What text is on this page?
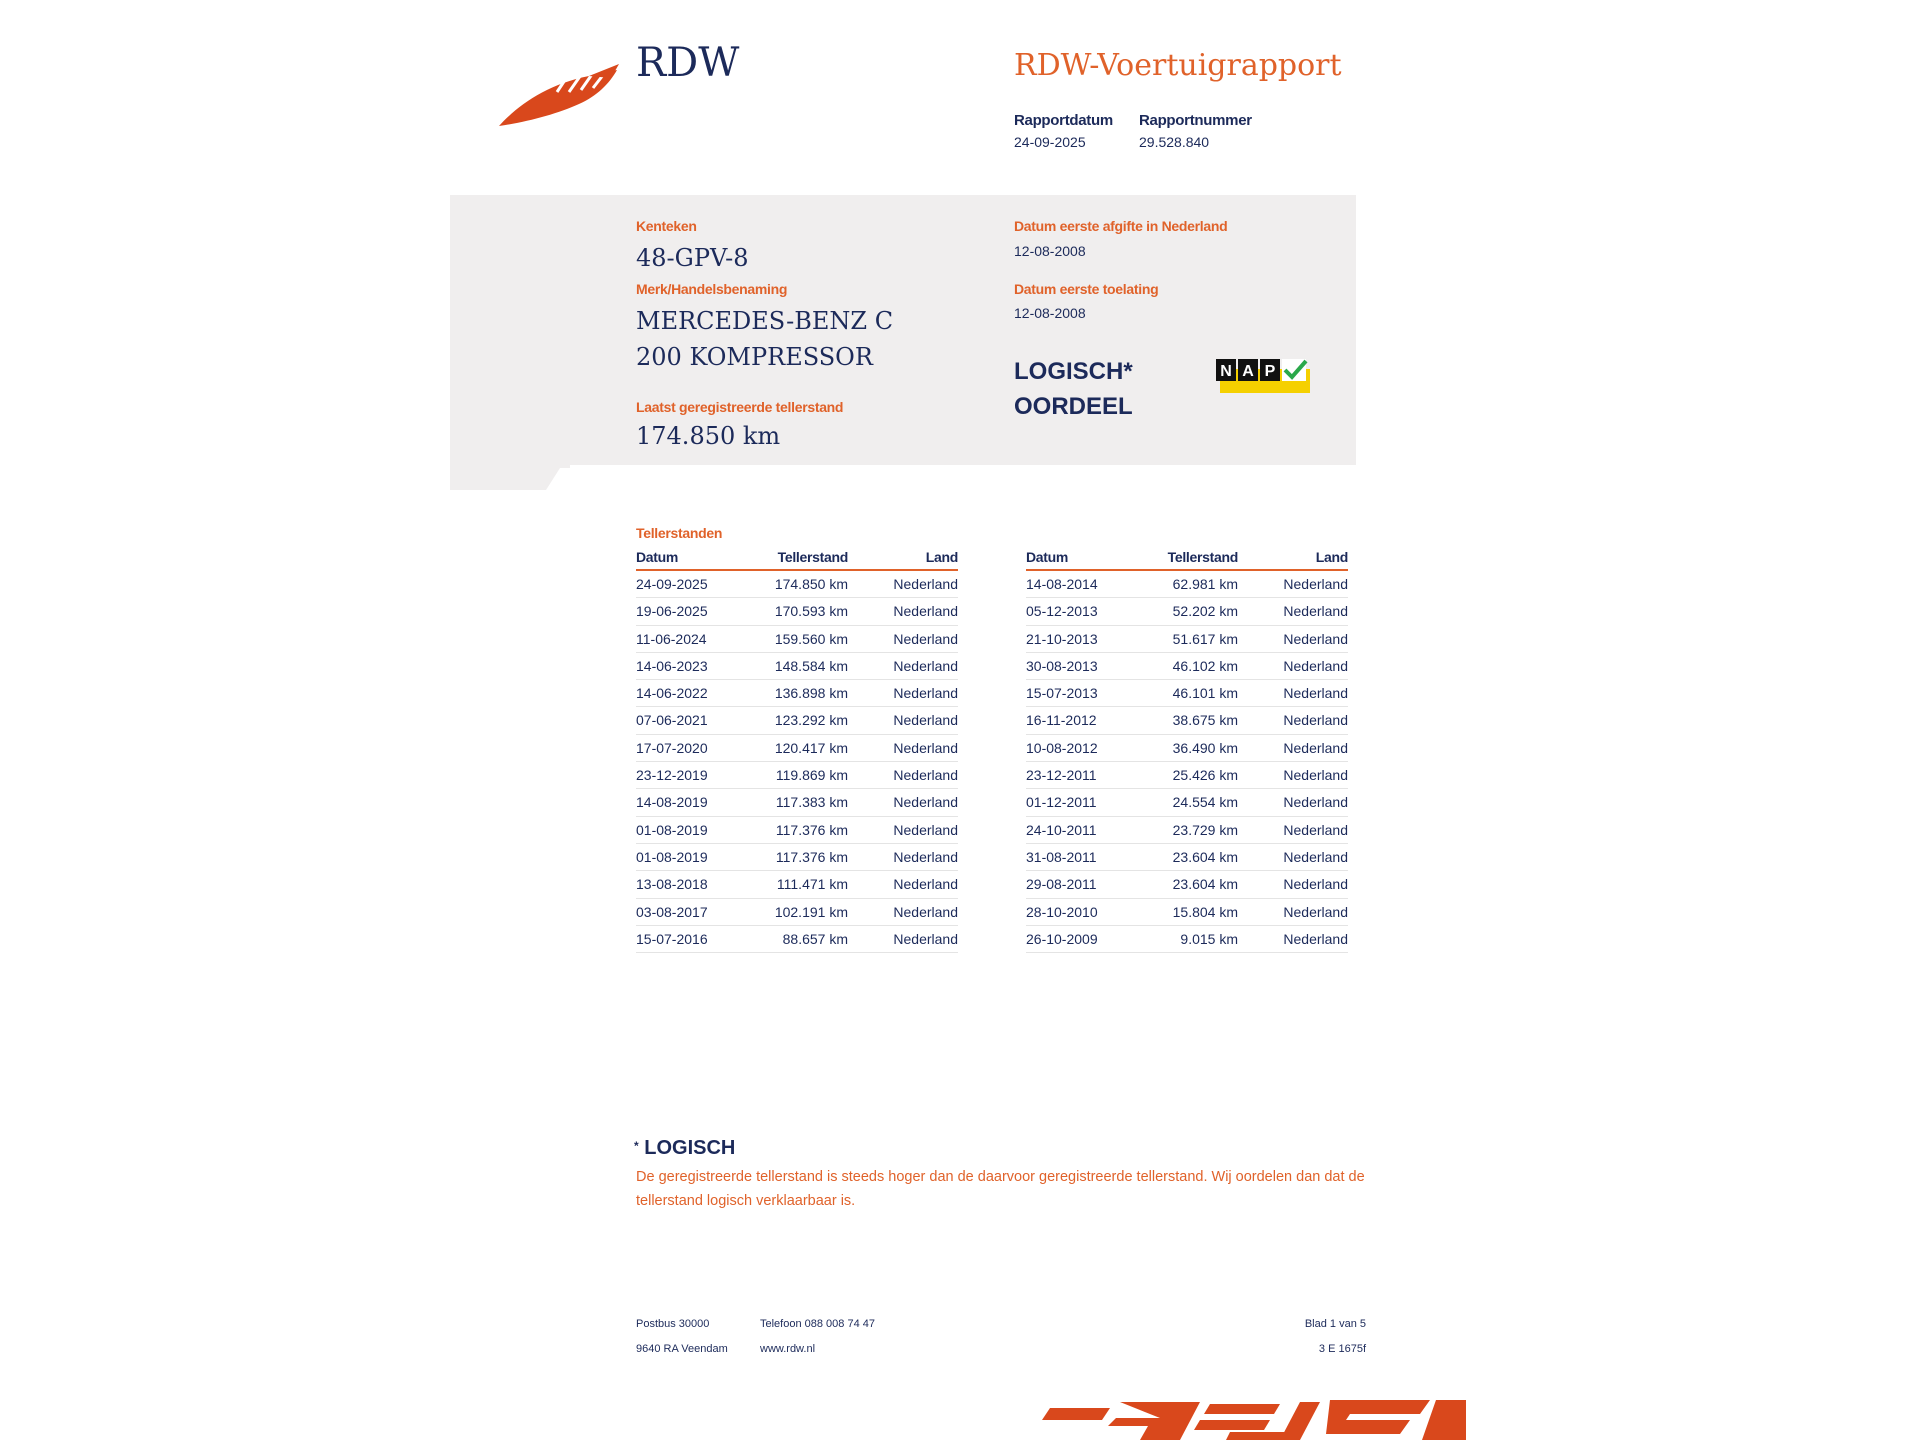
RDW	RDW-Voertuigrapport
Rapportdatum
24-09-2025
Rapportnummer
29.528.840
Kenteken
48-GPV-8
Merk/Handelsbenaming
MERCEDES-BENZ C
200 KOMPRESSOR
Laatst geregistreerde tellerstand
174.850 km
Datum eerste afgifte in Nederland
12-08-2008
Datum eerste toelating
12-08-2008
LOGISCH*
OORDEEL
N A P
Tellerstanden
Datum	Tellerstand	Land
24-09-2025	174.850 km	Nederland
19-06-2025	170.593 km	Nederland
11-06-2024	159.560 km	Nederland
14-06-2023	148.584 km	Nederland
14-06-2022	136.898 km	Nederland
07-06-2021	123.292 km	Nederland
17-07-2020	120.417 km	Nederland
23-12-2019	119.869 km	Nederland
14-08-2019	117.383 km	Nederland
01-08-2019	117.376 km	Nederland
01-08-2019	117.376 km	Nederland
13-08-2018	111.471 km	Nederland
03-08-2017	102.191 km	Nederland
15-07-2016	88.657 km	Nederland
Datum	Tellerstand	Land
14-08-2014	62.981 km	Nederland
05-12-2013	52.202 km	Nederland
21-10-2013	51.617 km	Nederland
30-08-2013	46.102 km	Nederland
15-07-2013	46.101 km	Nederland
16-11-2012	38.675 km	Nederland
10-08-2012	36.490 km	Nederland
23-12-2011	25.426 km	Nederland
01-12-2011	24.554 km	Nederland
24-10-2011	23.729 km	Nederland
31-08-2011	23.604 km	Nederland
29-08-2011	23.604 km	Nederland
28-10-2010	15.804 km	Nederland
26-10-2009	9.015 km	Nederland
* LOGISCH
De geregistreerde tellerstand is steeds hoger dan de daarvoor geregistreerde tellerstand. Wij oordelen dan dat de tellerstand logisch verklaarbaar is.
Postbus 30000
9640 RA Veendam
Telefoon 088 008 74 47
www.rdw.nl
Blad 1 van 5
3 E 1675f
